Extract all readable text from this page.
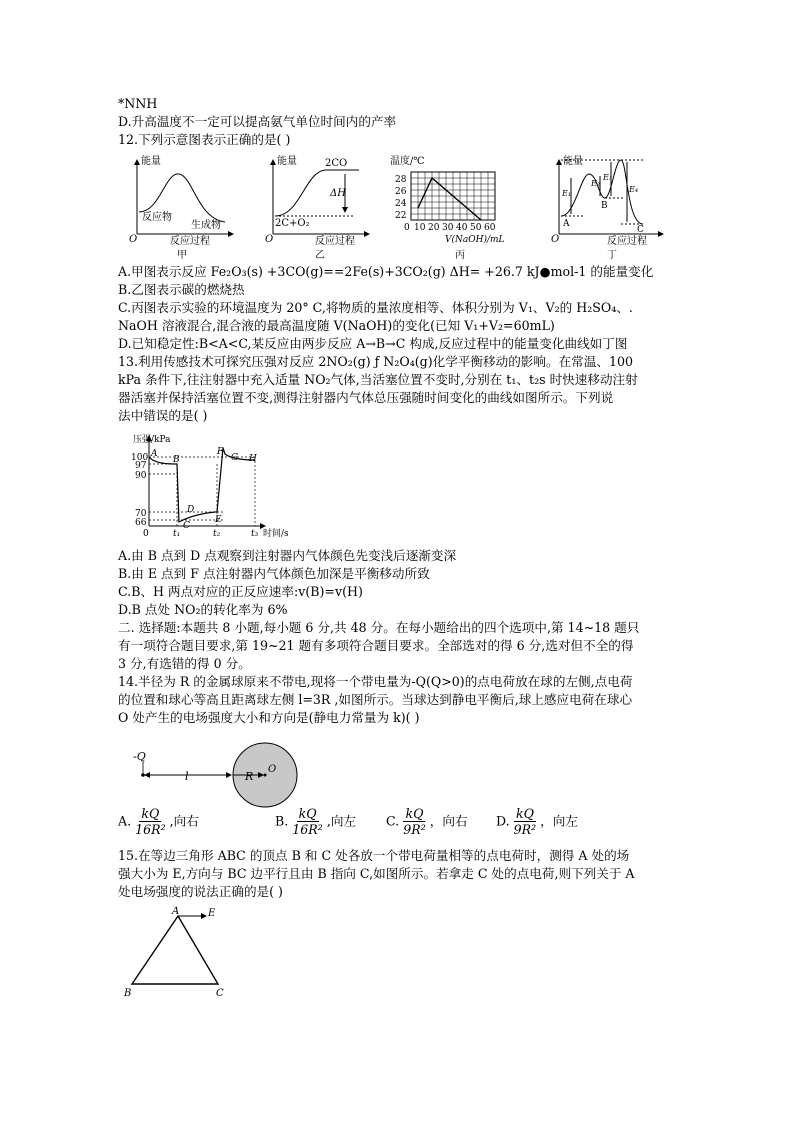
*NNH
D.升高温度不一定可以提高氨气单位时间内的产率
12.下列示意图表示正确的是( )
能量
反应物
生成物
O	反应过程
甲
能量	2CO
ΔH
2C+O₂
O	反应过程
乙
温度/℃
28
26
24
22
0 10 20 30 40 50 60
V(NaOH)/mL
丙
能量
E₁
E₂
E₃
E₄
A
B
C
O	反应过程
丁
A.甲图表示反应 Fe₂O₃(s) +3CO(g)==2Fe(s)+3CO₂(g) ΔH= +26.7 kJ●mol-1 的能量变化
B.乙图表示碳的燃烧热
C.丙图表示实验的环境温度为 20° C,将物质的量浓度相等、体积分别为 V₁、V₂的 H₂SO₄、.
NaOH 溶液混合,混合液的最高温度随 V(NaOH)的变化(已知 V₁+V₂=60mL)
D.已知稳定性:B<A<C,某反应由两步反应 A→B→C 构成,反应过程中的能量变化曲线如丁图
13.利用传感技术可探究压强对反应 2NO₂(g) ƒ N₂O₄(g)化学平衡移动的影响。在常温、100
kPa 条件下,往注射器中充入适量 NO₂气体,当活塞位置不变时,分别在 t₁、t₂s 时快速移动注射
器活塞并保持活塞位置不变,测得注射器内气体总压强随时间变化的曲线如图所示。下列说
法中错误的是( )
压强/kPa
100
97
90
70
66
A
B
C
D
E
F
G H
0	t₁	t₂	t₃ 时间/s
A.由 B 点到 D 点观察到注射器内气体颜色先变浅后逐渐变深
B.由 E 点到 F 点注射器内气体颜色加深是平衡移动所致
C.B、H 两点对应的正反应速率:v(B)=v(H)
D.B 点处 NO₂的转化率为 6%
二. 选择题:本题共 8 小题,每小题 6 分,共 48 分。在每小题给出的四个选项中,第 14~18 题只
有一项符合题目要求,第 19~21 题有多项符合题目要求。全部选对的得 6 分,选对但不全的得
3 分,有选错的得 0 分。
14.半径为 R 的金属球原来不带电,现将一个带电量为-Q(Q>0)的点电荷放在球的左侧,点电荷
的位置和球心等高且距离球左侧 l=3R ,如图所示。当球达到静电平衡后,球上感应电荷在球心
O 处产生的电场强度大小和方向是(静电力常量为 k)( )
-Q
l	R
O
A. $\frac{kQ}{\text{16R²}}$ ,向右	B. $\frac{kQ}{\text{16R²}}$ ,向左 C. $\frac{kQ}{\text{9R²}}$ ，向右 D. $\frac{kQ}{\text{9R²}}$ ，向左
15.在等边三角形 ABC 的顶点 B 和 C 处各放一个带电荷量相等的点电荷时，测得 A 处的场
强大小为 E,方向与 BC 边平行且由 B 指向 C,如图所示。若拿走 C 处的点电荷,则下列关于 A
处电场强度的说法正确的是( )
A	E
B	C
